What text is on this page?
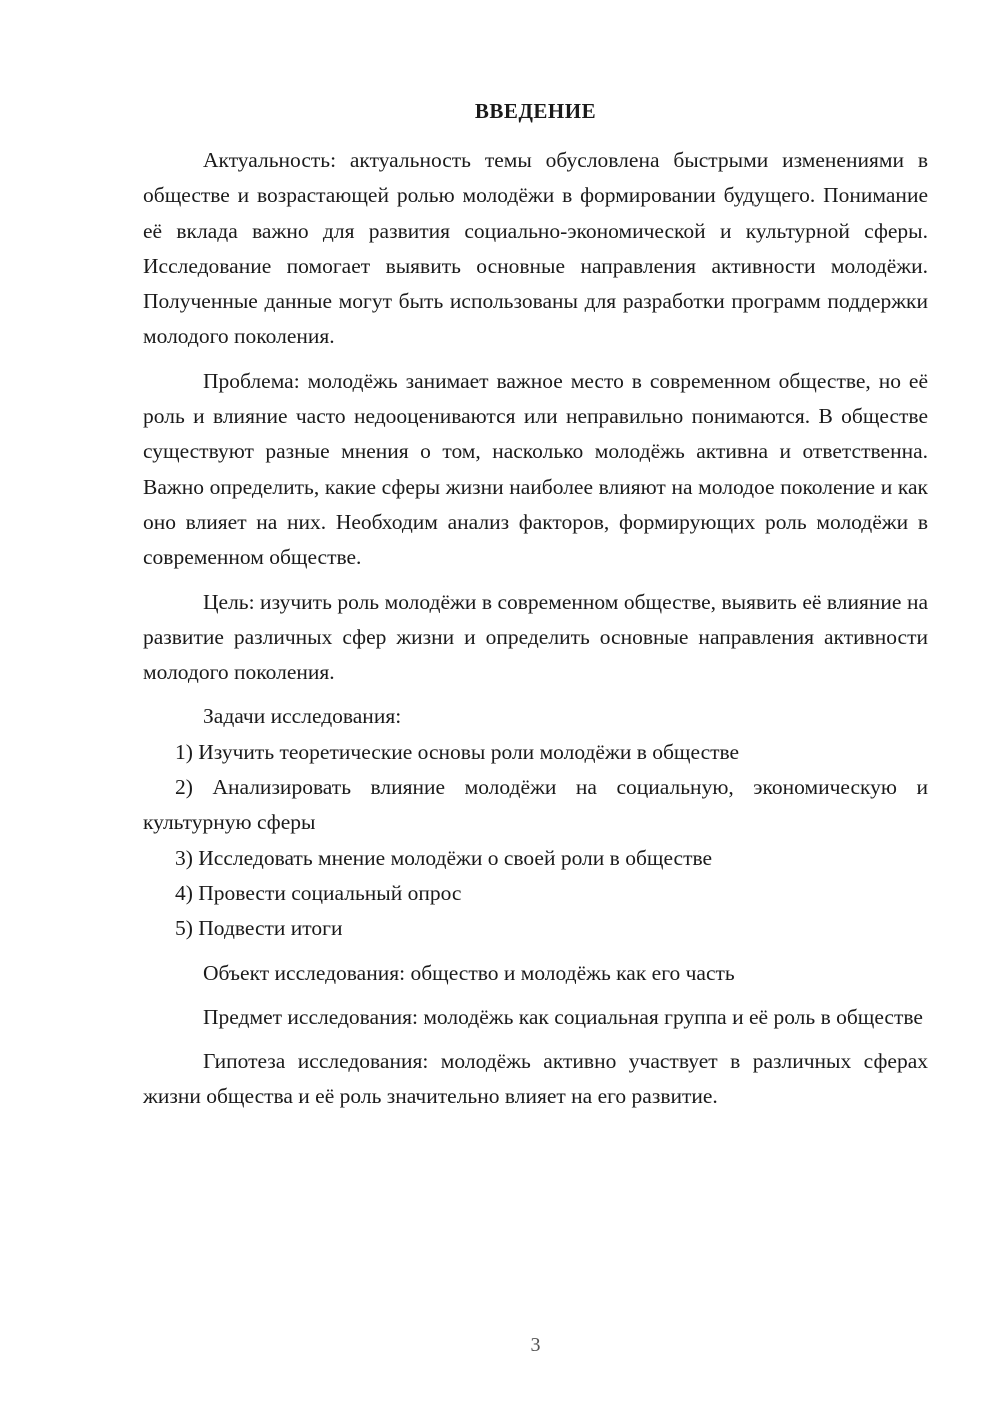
ВВЕДЕНИЕ

Актуальность: актуальность темы обусловлена быстрыми изменениями в обществе и возрастающей ролью молодёжи в формировании будущего. Понимание её вклада важно для развития социально-экономической и культурной сферы. Исследование помогает выявить основные направления активности молодёжи. Полученные данные могут быть использованы для разработки программ поддержки молодого поколения.

Проблема: молодёжь занимает важное место в современном обществе, но её роль и влияние часто недооцениваются или неправильно понимаются. В обществе существуют разные мнения о том, насколько молодёжь активна и ответственна. Важно определить, какие сферы жизни наиболее влияют на молодое поколение и как оно влияет на них. Необходим анализ факторов, формирующих роль молодёжи в современном обществе.

Цель: изучить роль молодёжи в современном обществе, выявить её влияние на развитие различных сфер жизни и определить основные направления активности молодого поколения.

Задачи исследования:

1) Изучить теоретические основы роли молодёжи в обществе

2) Анализировать влияние молодёжи на социальную, экономическую и культурную сферы

3) Исследовать мнение молодёжи о своей роли в обществе

4) Провести социальный опрос

5) Подвести итоги

Объект исследования: общество и молодёжь как его часть

Предмет исследования: молодёжь как социальная группа и её роль в обществе

Гипотеза исследования: молодёжь активно участвует в различных сферах жизни общества и её роль значительно влияет на его развитие.

3
